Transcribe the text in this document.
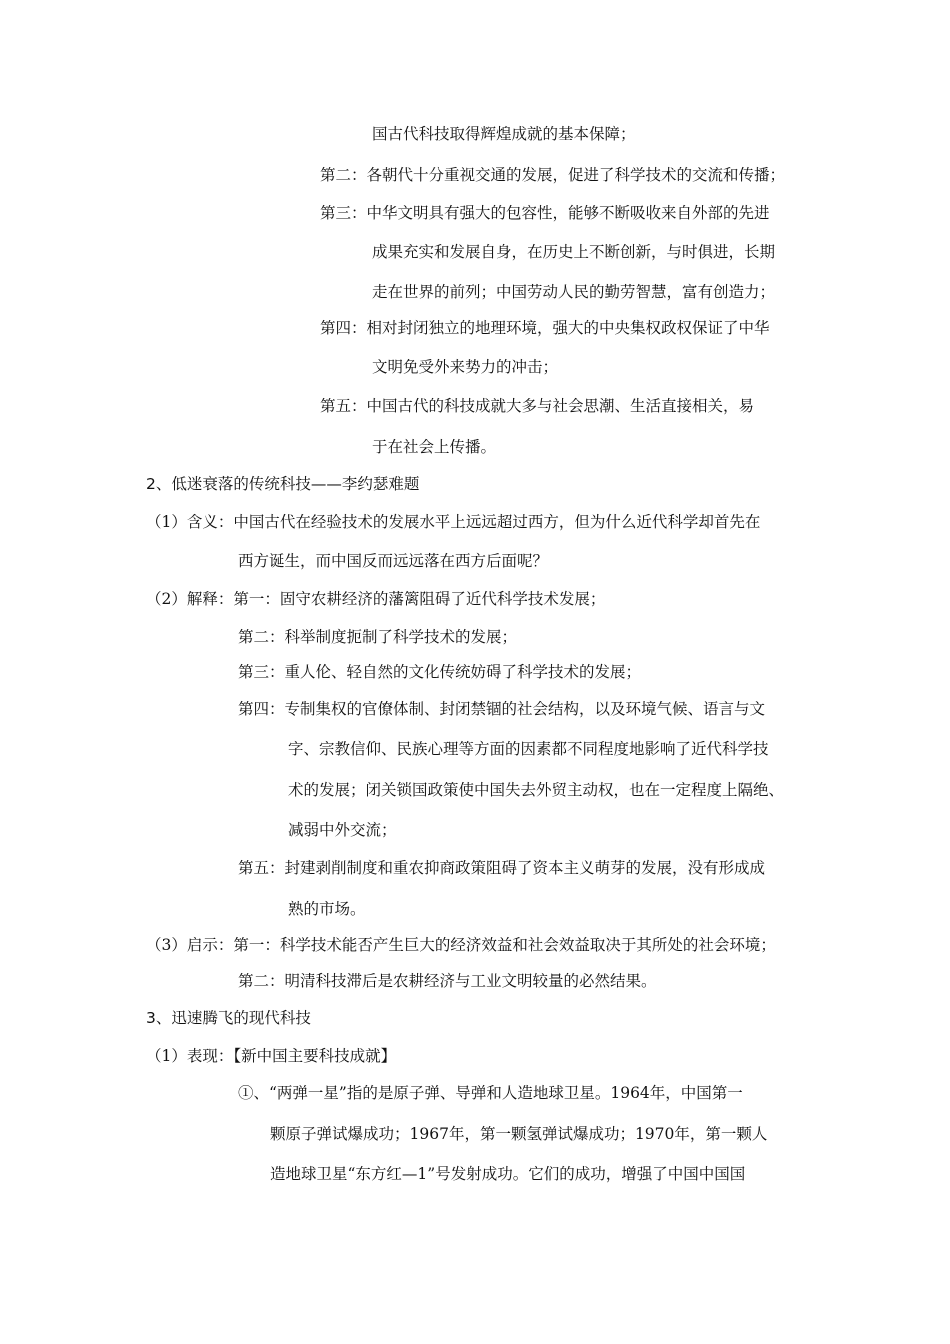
国古代科技取得辉煌成就的基本保障；
第二：各朝代十分重视交通的发展，促进了科学技术的交流和传播；
第三：中华文明具有强大的包容性，能够不断吸收来自外部的先进
成果充实和发展自身，在历史上不断创新，与时俱进，长期
走在世界的前列；中国劳动人民的勤劳智慧，富有创造力；
第四：相对封闭独立的地理环境，强大的中央集权政权保证了中华
文明免受外来势力的冲击；
第五：中国古代的科技成就大多与社会思潮、生活直接相关，易
于在社会上传播。
2、低迷衰落的传统科技——李约瑟难题
（1）含义：中国古代在经验技术的发展水平上远远超过西方，但为什么近代科学却首先在
西方诞生，而中国反而远远落在西方后面呢？
（2）解释：第一：固守农耕经济的藩篱阻碍了近代科学技术发展；
第二：科举制度扼制了科学技术的发展；
第三：重人伦、轻自然的文化传统妨碍了科学技术的发展；
第四：专制集权的官僚体制、封闭禁锢的社会结构，以及环境气候、语言与文
字、宗教信仰、民族心理等方面的因素都不同程度地影响了近代科学技
术的发展；闭关锁国政策使中国失去外贸主动权，也在一定程度上隔绝、
减弱中外交流；
第五：封建剥削制度和重农抑商政策阻碍了资本主义萌芽的发展，没有形成成
熟的市场。
（3）启示：第一：科学技术能否产生巨大的经济效益和社会效益取决于其所处的社会环境；
第二：明清科技滞后是农耕经济与工业文明较量的必然结果。
3、迅速腾飞的现代科技
（1）表现：【新中国主要科技成就】
①、“两弹一星”指的是原子弹、导弹和人造地球卫星。1964年，中国第一
颗原子弹试爆成功；1967年，第一颗氢弹试爆成功；1970年，第一颗人
造地球卫星“东方红—1”号发射成功。它们的成功，增强了中国中国国
